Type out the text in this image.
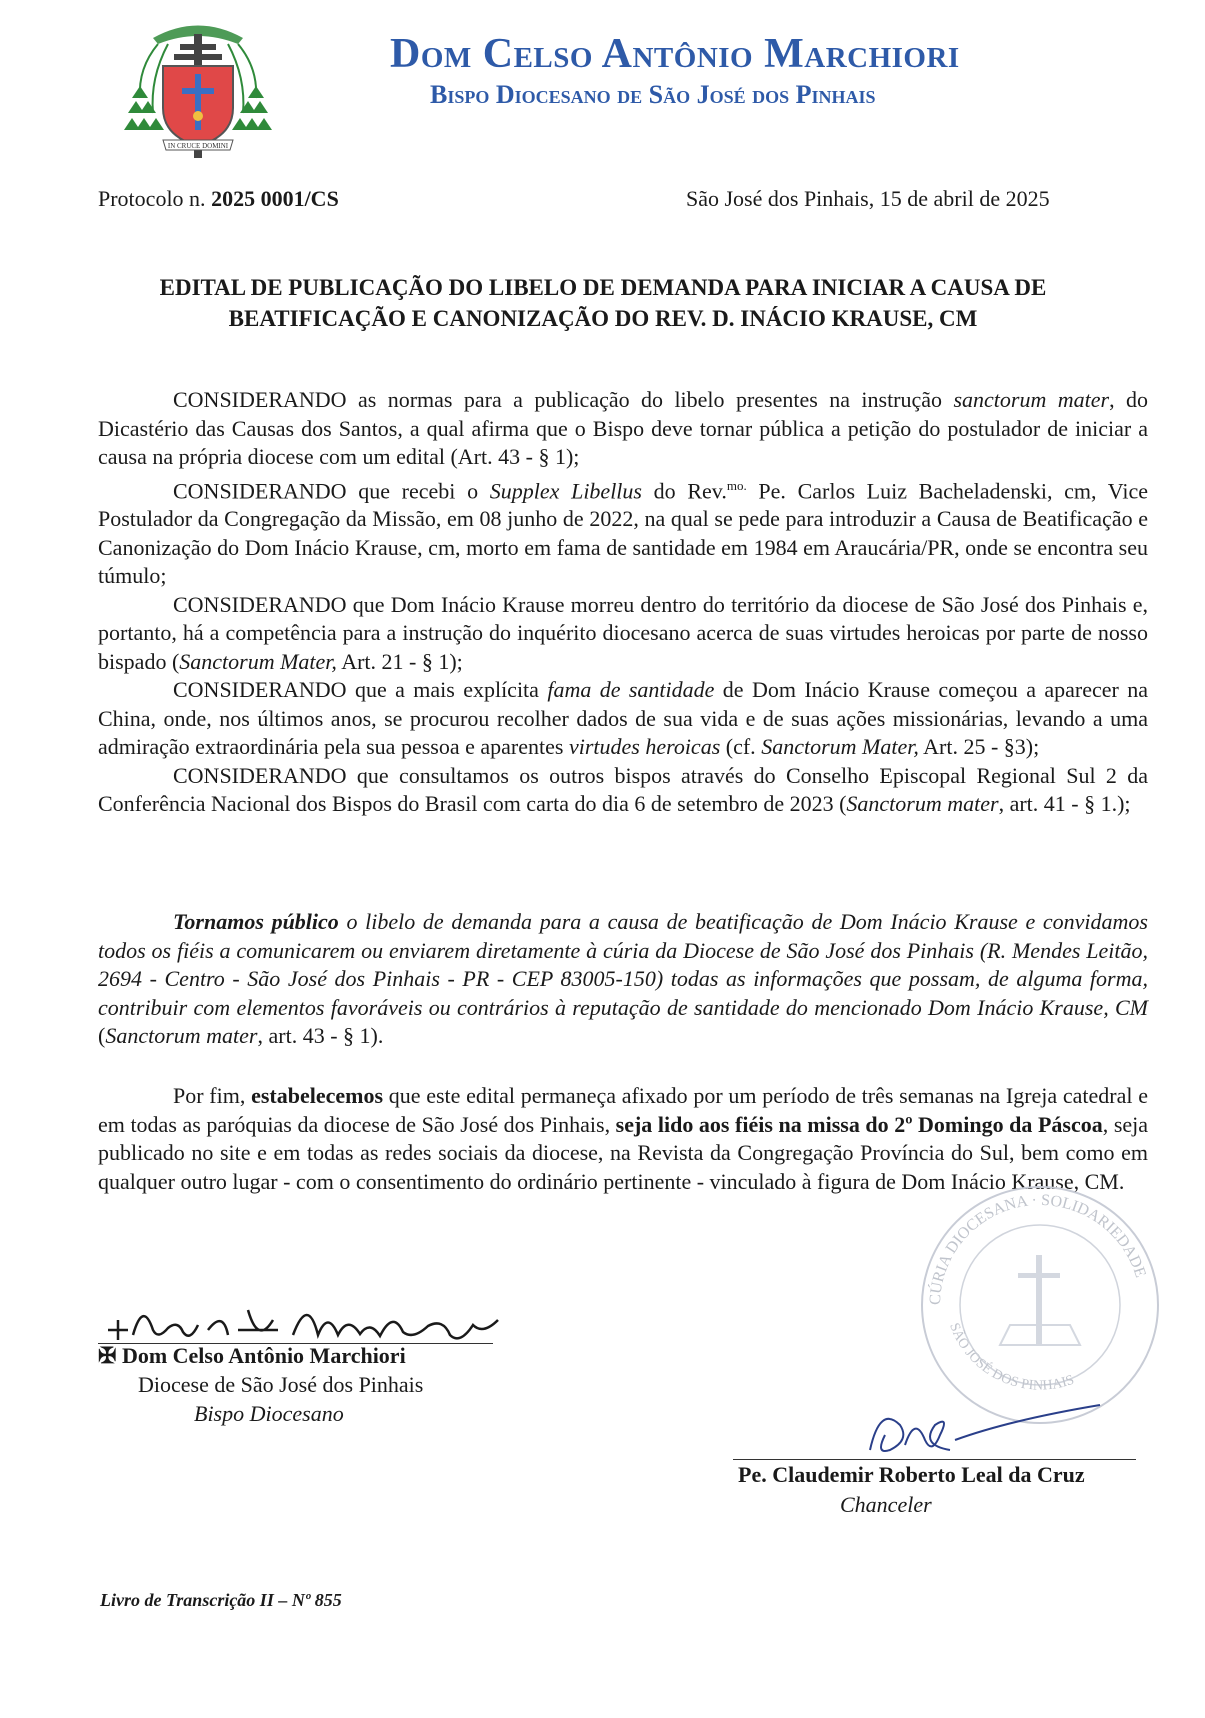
IN CRUCE DOMINI
Dom Celso Antônio Marchiori
Bispo Diocesano de São José dos Pinhais
Protocolo n. 2025 0001/CS	São José dos Pinhais, 15 de abril de 2025
EDITAL DE PUBLICAÇÃO DO LIBELO DE DEMANDA PARA INICIAR A CAUSA DE
BEATIFICAÇÃO E CANONIZAÇÃO DO REV. D. INÁCIO KRAUSE, CM

CONSIDERANDO as normas para a publicação do libelo presentes na instrução sanctorum mater, do Dicastério das Causas dos Santos, a qual afirma que o Bispo deve tornar pública a petição do postulador de iniciar a causa na própria diocese com um edital (Art. 43 - § 1);

CONSIDERANDO que recebi o Supplex Libellus do Rev.$^{mo.}$ Pe. Carlos Luiz Bacheladenski, cm, Vice Postulador da Congregação da Missão, em 08 junho de 2022, na qual se pede para introduzir a Causa de Beatificação e Canonização do Dom Inácio Krause, cm, morto em fama de santidade em 1984 em Araucária/PR, onde se encontra seu túmulo;

CONSIDERANDO que Dom Inácio Krause morreu dentro do território da diocese de São José dos Pinhais e, portanto, há a competência para a instrução do inquérito diocesano acerca de suas virtudes heroicas por parte de nosso bispado (Sanctorum Mater, Art. 21 - § 1);

CONSIDERANDO que a mais explícita fama de santidade de Dom Inácio Krause começou a aparecer na China, onde, nos últimos anos, se procurou recolher dados de sua vida e de suas ações missionárias, levando a uma admiração extraordinária pela sua pessoa e aparentes virtudes heroicas (cf. Sanctorum Mater, Art. 25 - §3);

CONSIDERANDO que consultamos os outros bispos através do Conselho Episcopal Regional Sul 2 da Conferência Nacional dos Bispos do Brasil com carta do dia 6 de setembro de 2023 (Sanctorum mater, art. 41 - § 1.);

Tornamos público o libelo de demanda para a causa de beatificação de Dom Inácio Krause e convidamos todos os fiéis a comunicarem ou enviarem diretamente à cúria da Diocese de São José dos Pinhais (R. Mendes Leitão, 2694 - Centro - São José dos Pinhais - PR - CEP 83005-150) todas as informações que possam, de alguma forma, contribuir com elementos favoráveis ou contrários à reputação de santidade do mencionado Dom Inácio Krause, CM (Sanctorum mater, art. 43 - § 1).

Por fim, estabelecemos que este edital permaneça afixado por um período de três semanas na Igreja catedral e em todas as paróquias da diocese de São José dos Pinhais, seja lido aos fiéis na missa do 2º Domingo da Páscoa, seja publicado no site e em todas as redes sociais da diocese, na Revista da Congregação Província do Sul, bem como em qualquer outro lugar - com o consentimento do ordinário pertinente - vinculado à figura de Dom Inácio Krause, CM.

✠ Dom Celso Antônio Marchiori
Diocese de São José dos Pinhais
Bispo Diocesano
CÚRIA DIOCESANA · SOLIDARIEDADE
SÃO JOSÉ DOS PINHAIS
Pe. Claudemir Roberto Leal da Cruz
Chanceler
Livro de Transcrição II – Nº 855
